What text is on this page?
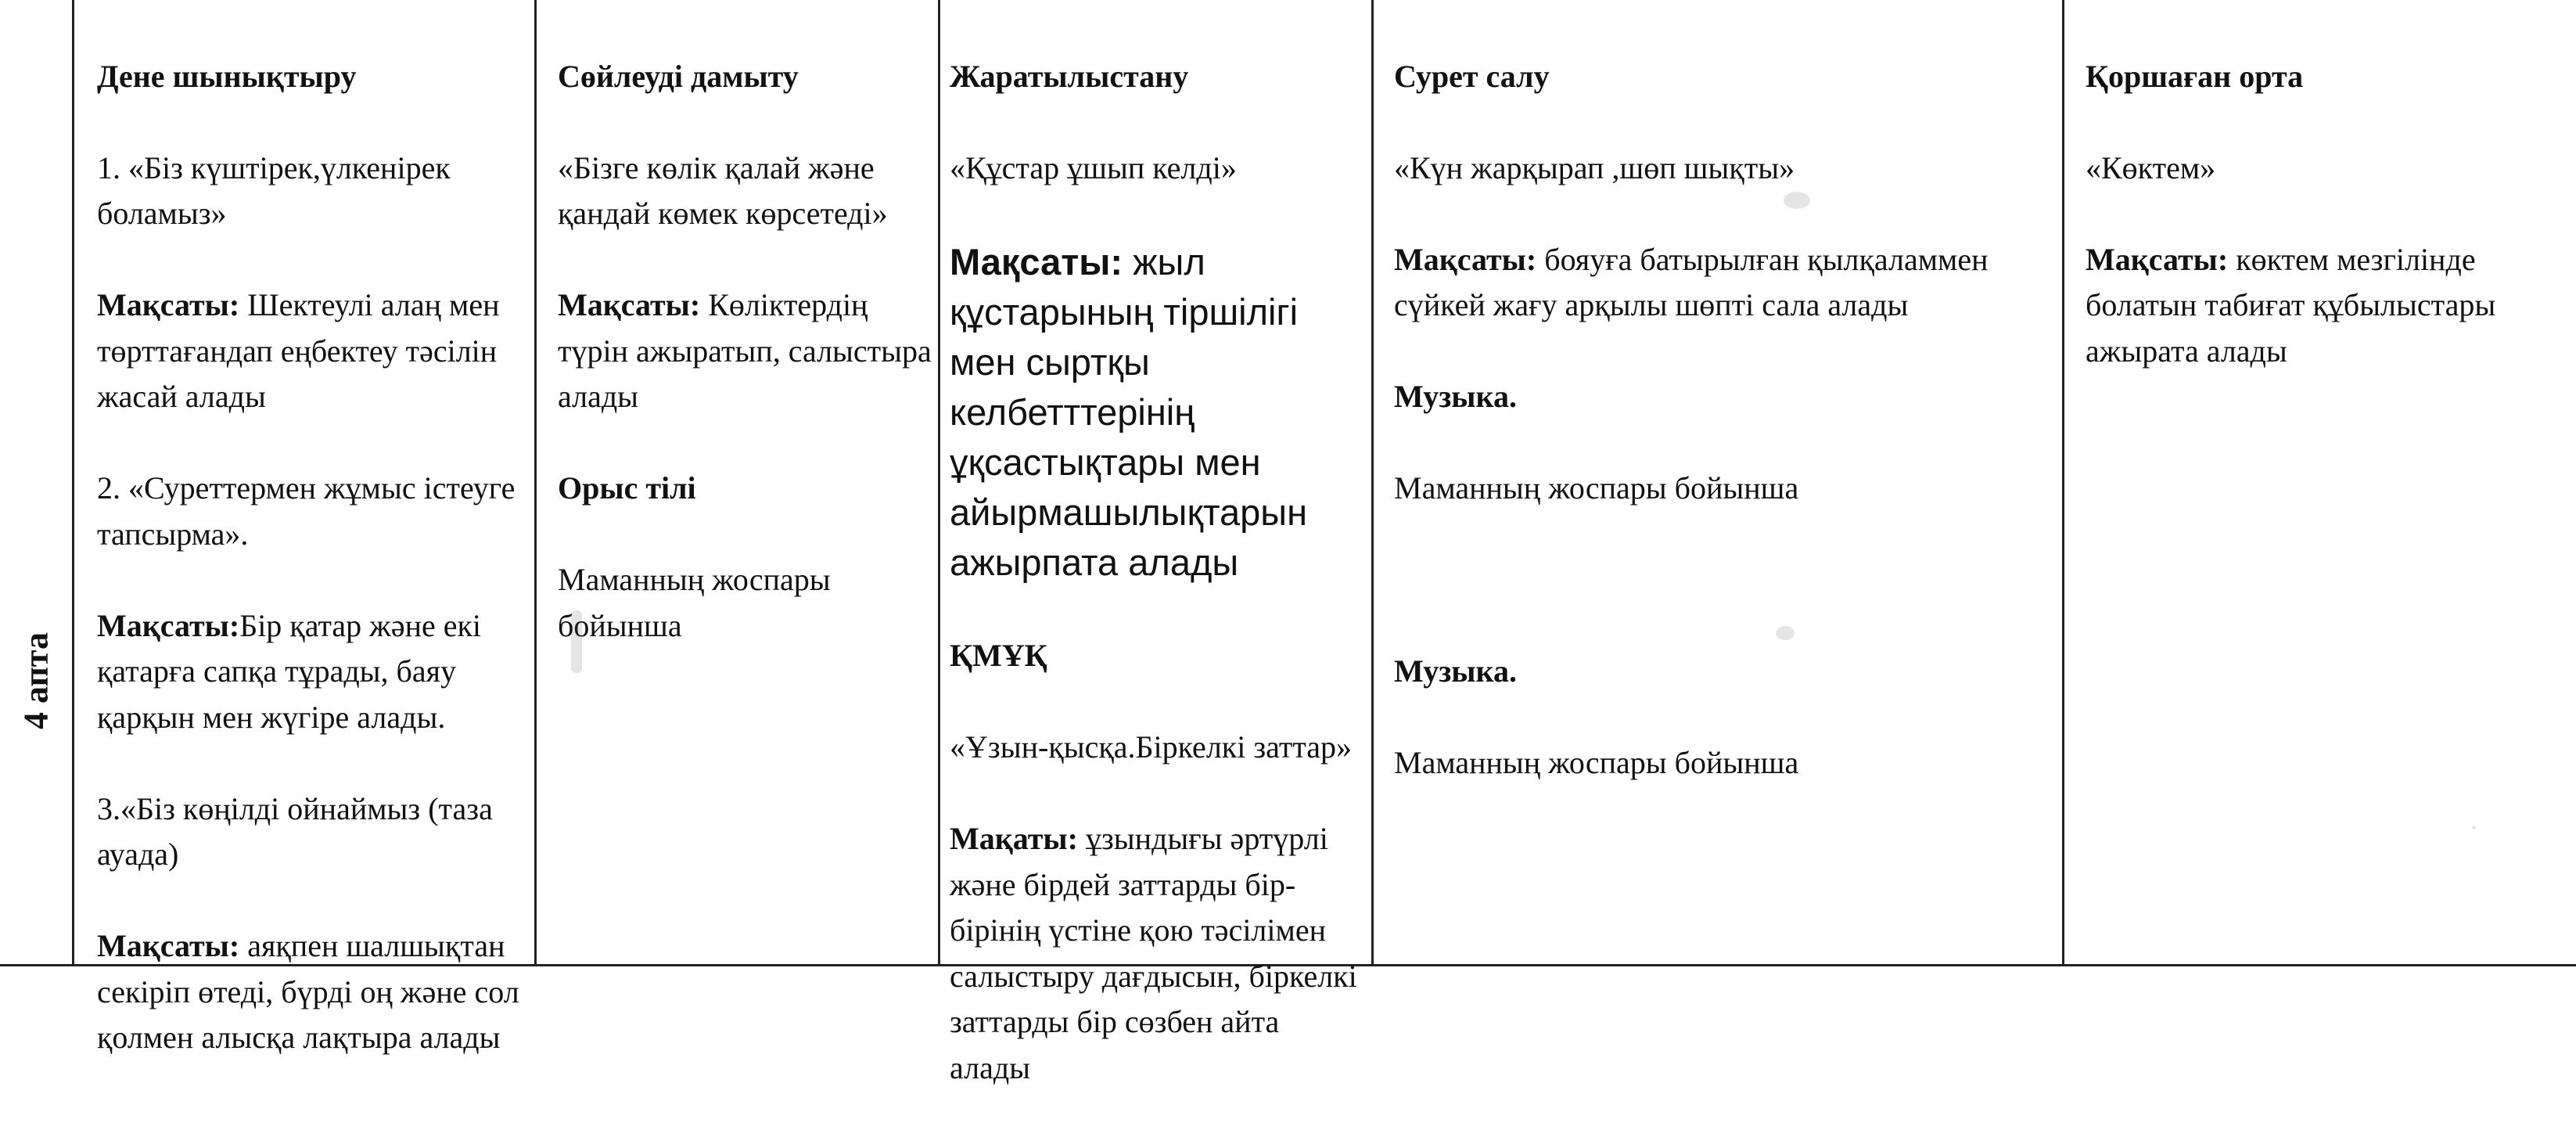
4 апта

Дене шынықтыру

1. «Біз күштірек,үлкенірек боламыз»

Мақсаты: Шектеулі алаң мен төрттағандап еңбектеу тәсілін жасай алады

2. «Суреттермен жұмыс істеуге тапсырма».

Мақсаты:Бір қатар және екі қатарға сапқа тұрады, баяу қарқын мен жүгіре алады.

3.«Біз көңілді ойнаймыз (таза ауада)

Мақсаты: аяқпен шалшықтан секіріп өтеді, бүрді оң және сол қолмен алысқа лақтыра алады

Сөйлеуді дамыту

«Бізге көлік қалай және қандай көмек көрсетеді»

Мақсаты: Көліктердің түрін ажыратып, салыстыра алады

Орыс тілі

Маманның жоспары бойынша

Жаратылыстану

«Құстар ұшып келді»

Мақсаты: жыл құстарының тіршілігі мен сыртқы келбетттерінің ұқсастықтары мен айырмашылықтарын ажырпата алады

ҚМҰҚ

«Ұзын-қысқа.Біркелкі заттар»

Мақаты: ұзындығы әртүрлі және бірдей заттарды бір-бірінің үстіне қою тәсілімен салыстыру дағдысын, біркелкі заттарды бір сөзбен айта алады

Сурет салу

«Күн жарқырап ,шөп шықты»

Мақсаты: бояуға батырылған қылқаламмен сүйкей жағу арқылы шөпті сала алады

Музыка.

Маманның жоспары бойынша

Музыка.

Маманның жоспары бойынша

Қоршаған орта

«Көктем»

Мақсаты: көктем мезгілінде болатын табиғат құбылыстары ажырата алады
